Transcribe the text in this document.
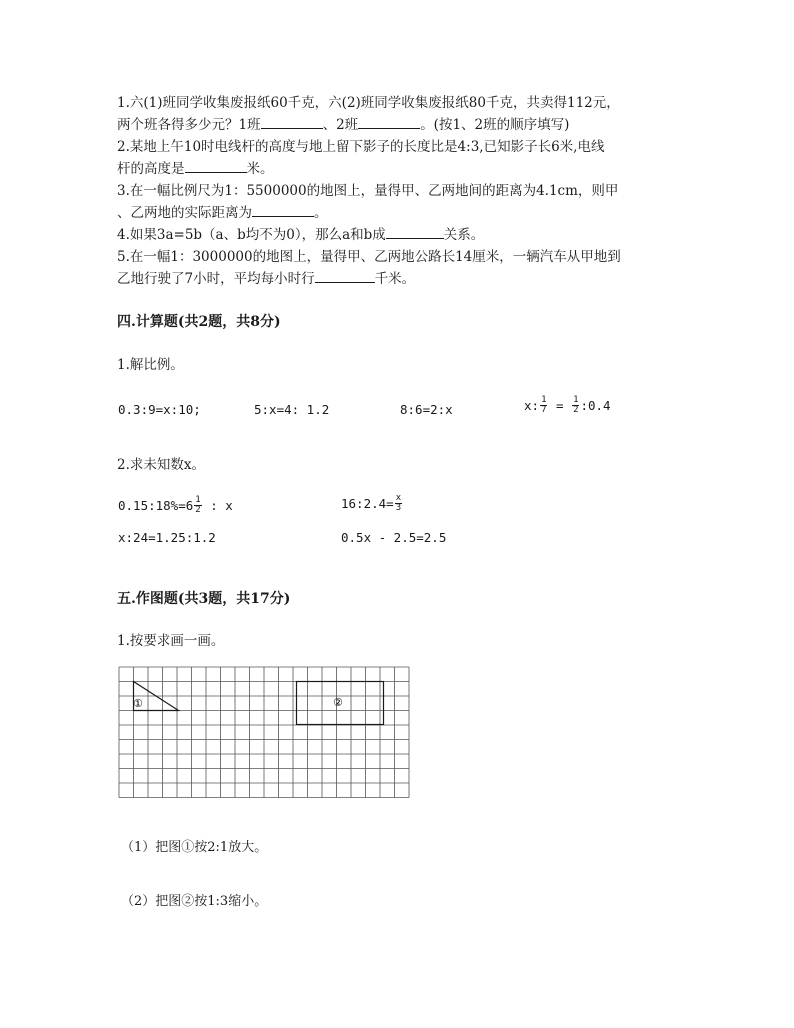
1.六(1)班同学收集废报纸60千克，六(2)班同学收集废报纸80千克，共卖得112元，
两个班各得多少元？1班	、2班	。(按1、2班的顺序填写)
2.某地上午10时电线杆的高度与地上留下影子的长度比是4:3,已知影子长6米,电线
杆的高度是	米。
3.在一幅比例尺为1：5500000的地图上，量得甲、乙两地间的距离为4.1cm，则甲
、乙两地的实际距离为	。
4.如果3a=5b（a、b均不为0），那么a和b成	关系。
5.在一幅1：3000000的地图上，量得甲、乙两地公路长14厘米，一辆汽车从甲地到
乙地行驶了7小时，平均每小时行	千米。
四.计算题(共2题，共8分)
1.解比例。
0.3:9=x:10;	5:x=4: 1.2	8:6=2:x	x: $\frac{1}{7} = \frac{1}{2}$ :0.4
2.求未知数x。
0.15:18%=6 $\frac{1}{2}$ : x	16:2.4= $\frac{x}{3}$
x:24=1.25:1.2	0.5x - 2.5=2.5
五.作图题(共3题，共17分)
1.按要求画一画。
①	②
（1）把图①按2:1放大。
（2）把图②按1:3缩小。
